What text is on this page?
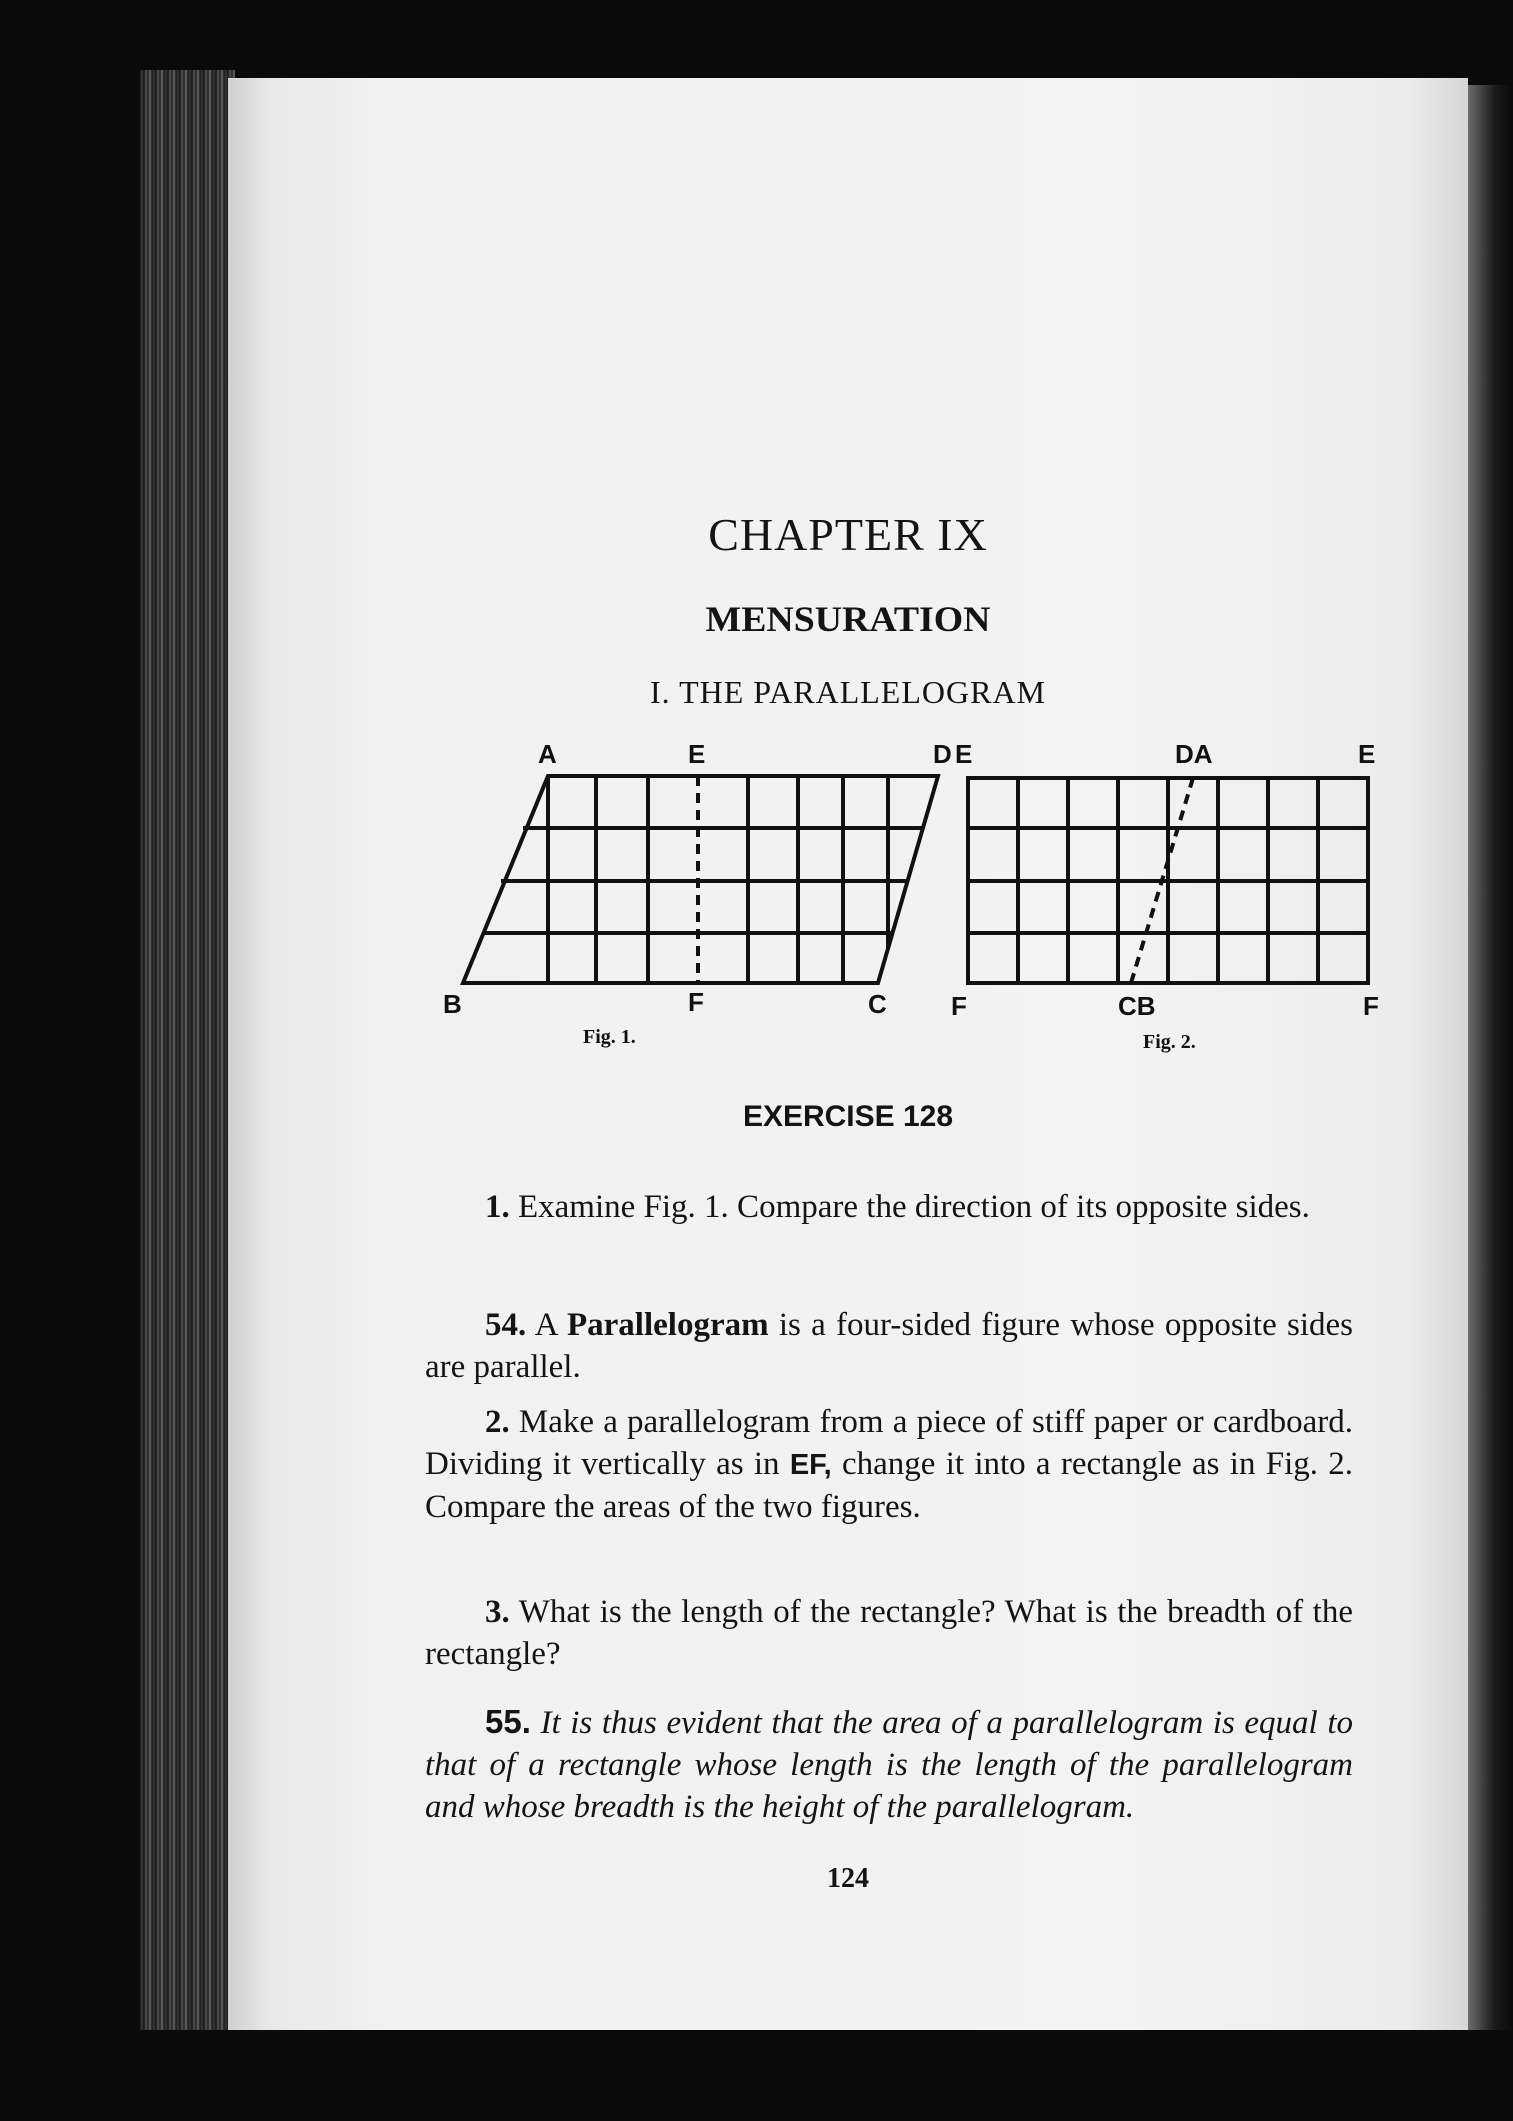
CHAPTER IX
MENSURATION
I. THE PARALLELOGRAM
A	E	D
B	F	C
E	DA	E
F	CB	F
Fig. 1.	Fig. 2.
EXERCISE 128

1. Examine Fig. 1. Compare the direction of its opposite sides.

54. A Parallelogram is a four-sided figure whose opposite sides are parallel.

2. Make a parallelogram from a piece of stiff paper or cardboard. Dividing it vertically as in EF, change it into a rectangle as in Fig. 2. Compare the areas of the two figures.

3. What is the length of the rectangle? What is the breadth of the rectangle?

55. It is thus evident that the area of a parallelogram is equal to that of a rectangle whose length is the length of the parallelogram and whose breadth is the height of the parallelogram.

124
